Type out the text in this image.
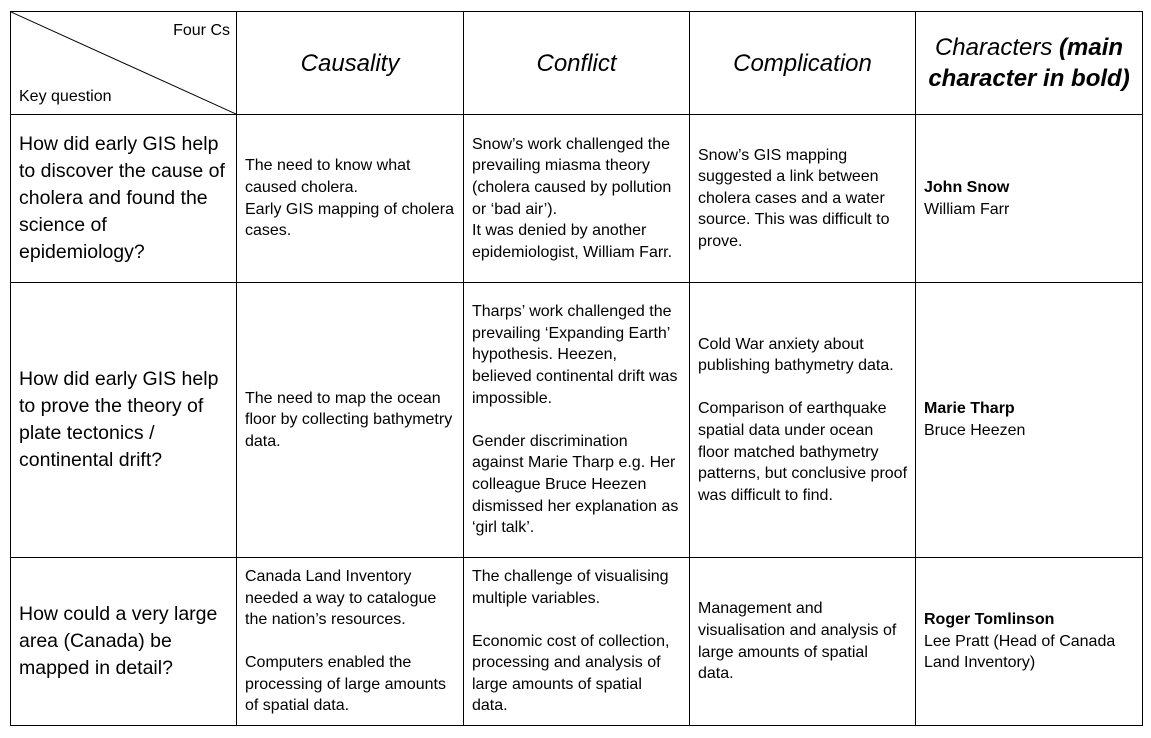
Four Cs
Key question	Causality	Conflict	Complication	Characters (main character in bold)
How did early GIS help to discover the cause of cholera and found the science of epidemiology?	The need to know what caused cholera.
Early GIS mapping of cholera cases.	Snow’s work challenged the prevailing miasma theory (cholera caused by pollution or ‘bad air’).
It was denied by another epidemiologist, William Farr.	Snow’s GIS mapping suggested a link between cholera cases and a water source. This was difficult to prove.	John Snow
William Farr

How did early GIS help to prove the theory of plate tectonics / continental drift?	The need to map the ocean floor by collecting bathymetry data.	Tharps’ work challenged the prevailing ‘Expanding Earth’ hypothesis. Heezen,
believed continental drift was impossible.
Gender discrimination against Marie Tharp e.g. Her colleague Bruce Heezen dismissed her explanation as ‘girl talk’.	Cold War anxiety about publishing bathymetry data.
Comparison of earthquake spatial data under ocean floor matched bathymetry patterns, but conclusive proof was difficult to find.	Marie Tharp
Bruce Heezen

How could a very large area (Canada) be mapped in detail?	Canada Land Inventory needed a way to catalogue the nation’s resources.
Computers enabled the processing of large amounts of spatial data.	The challenge of visualising multiple variables.
Economic cost of collection, processing and analysis of large amounts of spatial data.	Management and visualisation and analysis of large amounts of spatial data.	Roger Tomlinson
Lee Pratt (Head of Canada Land Inventory)
